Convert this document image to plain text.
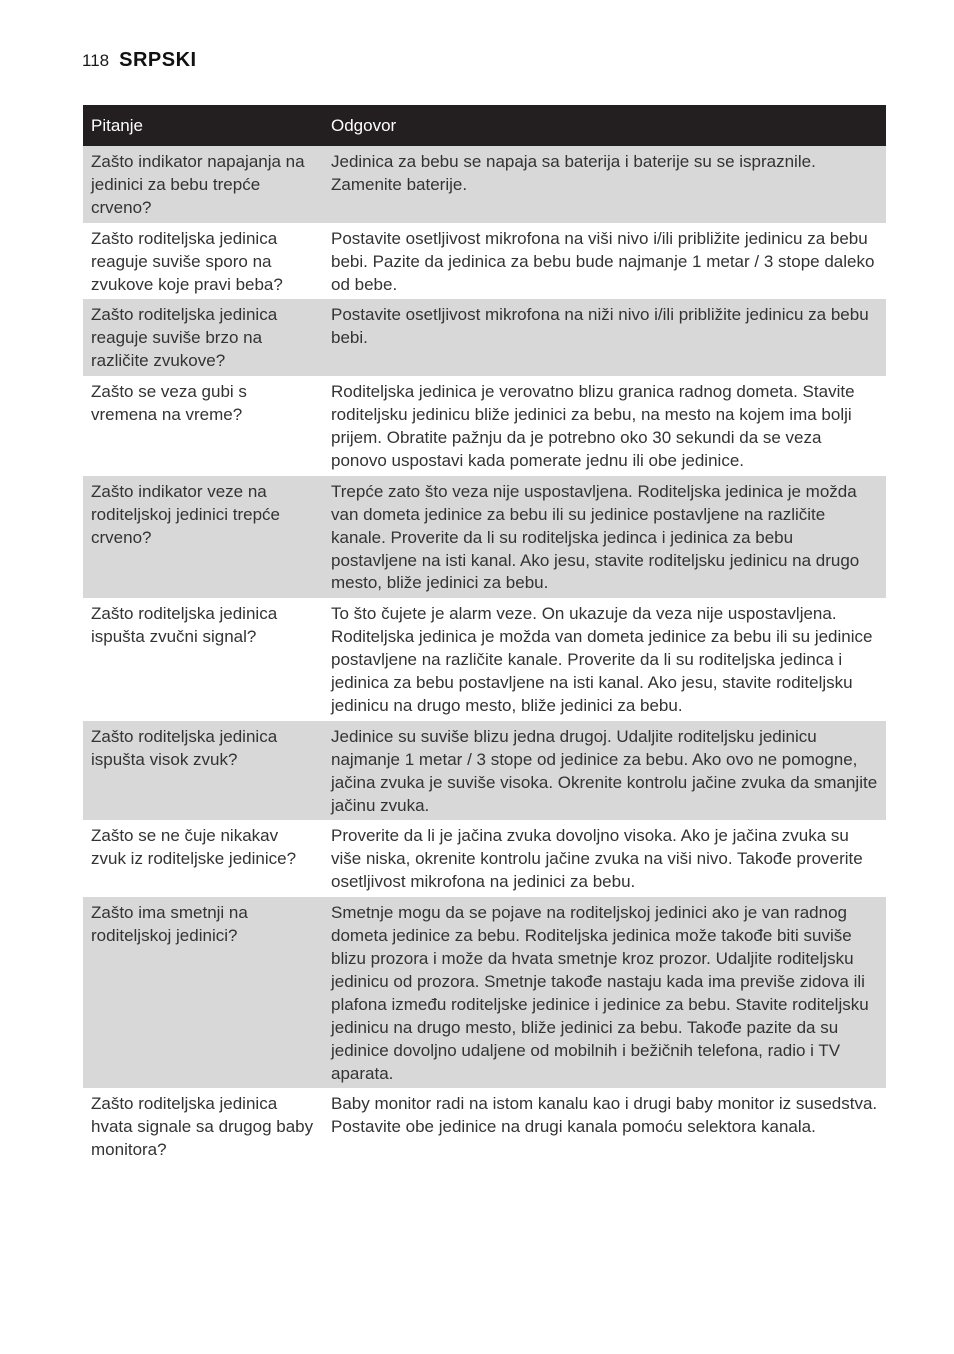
118 SRPSKI
Pitanje	Odgovor
Zašto indikator napajanja na jedinici za bebu trepće crveno?	Jedinica za bebu se napaja sa baterija i baterije su se ispraznile. Zamenite baterije.
Zašto roditeljska jedinica reaguje suviše sporo na zvukove koje pravi beba?	Postavite osetljivost mikrofona na viši nivo i/ili približite jedinicu za bebu bebi. Pazite da jedinica za bebu bude najmanje 1 metar / 3 stope daleko od bebe.
Zašto roditeljska jedinica reaguje suviše brzo na različite zvukove?	Postavite osetljivost mikrofona na niži nivo i/ili približite jedinicu za bebu bebi.
Zašto se veza gubi s vremena na vreme?	Roditeljska jedinica je verovatno blizu granica radnog dometa. Stavite roditeljsku jedinicu bliže jedinici za bebu, na mesto na kojem ima bolji prijem. Obratite pažnju da je potrebno oko 30 sekundi da se veza ponovo uspostavi kada pomerate jednu ili obe jedinice.
Zašto indikator veze na roditeljskoj jedinici trepće crveno?	Trepće zato što veza nije uspostavljena. Roditeljska jedinica je možda van dometa jedinice za bebu ili su jedinice postavljene na različite kanale. Proverite da li su roditeljska jedinca i jedinica za bebu postavljene na isti kanal. Ako jesu, stavite roditeljsku jedinicu na drugo mesto, bliže jedinici za bebu.
Zašto roditeljska jedinica ispušta zvučni signal?	To što čujete je alarm veze. On ukazuje da veza nije uspostavljena. Roditeljska jedinica je možda van dometa jedinice za bebu ili su jedinice postavljene na različite kanale. Proverite da li su roditeljska jedinca i jedinica za bebu postavljene na isti kanal. Ako jesu, stavite roditeljsku jedinicu na drugo mesto, bliže jedinici za bebu.
Zašto roditeljska jedinica ispušta visok zvuk?	Jedinice su suviše blizu jedna drugoj. Udaljite roditeljsku jedinicu najmanje 1 metar / 3 stope od jedinice za bebu. Ako ovo ne pomogne, jačina zvuka je suviše visoka. Okrenite kontrolu jačine zvuka da smanjite jačinu zvuka.
Zašto se ne čuje nikakav zvuk iz roditeljske jedinice?	Proverite da li je jačina zvuka dovoljno visoka. Ako je jačina zvuka su više niska, okrenite kontrolu jačine zvuka na viši nivo. Takođe proverite osetljivost mikrofona na jedinici za bebu.
Zašto ima smetnji na roditeljskoj jedinici?	Smetnje mogu da se pojave na roditeljskoj jedinici ako je van radnog dometa jedinice za bebu. Roditeljska jedinica može takođe biti suviše blizu prozora i može da hvata smetnje kroz prozor. Udaljite roditeljsku jedinicu od prozora. Smetnje takođe nastaju kada ima previše zidova ili plafona između roditeljske jedinice i jedinice za bebu. Stavite roditeljsku jedinicu na drugo mesto, bliže jedinici za bebu. Takođe pazite da su jedinice dovoljno udaljene od mobilnih i bežičnih telefona, radio i TV aparata.
Zašto roditeljska jedinica hvata signale sa drugog baby monitora?	Baby monitor radi na istom kanalu kao i drugi baby monitor iz susedstva. Postavite obe jedinice na drugi kanala pomoću selektora kanala.
